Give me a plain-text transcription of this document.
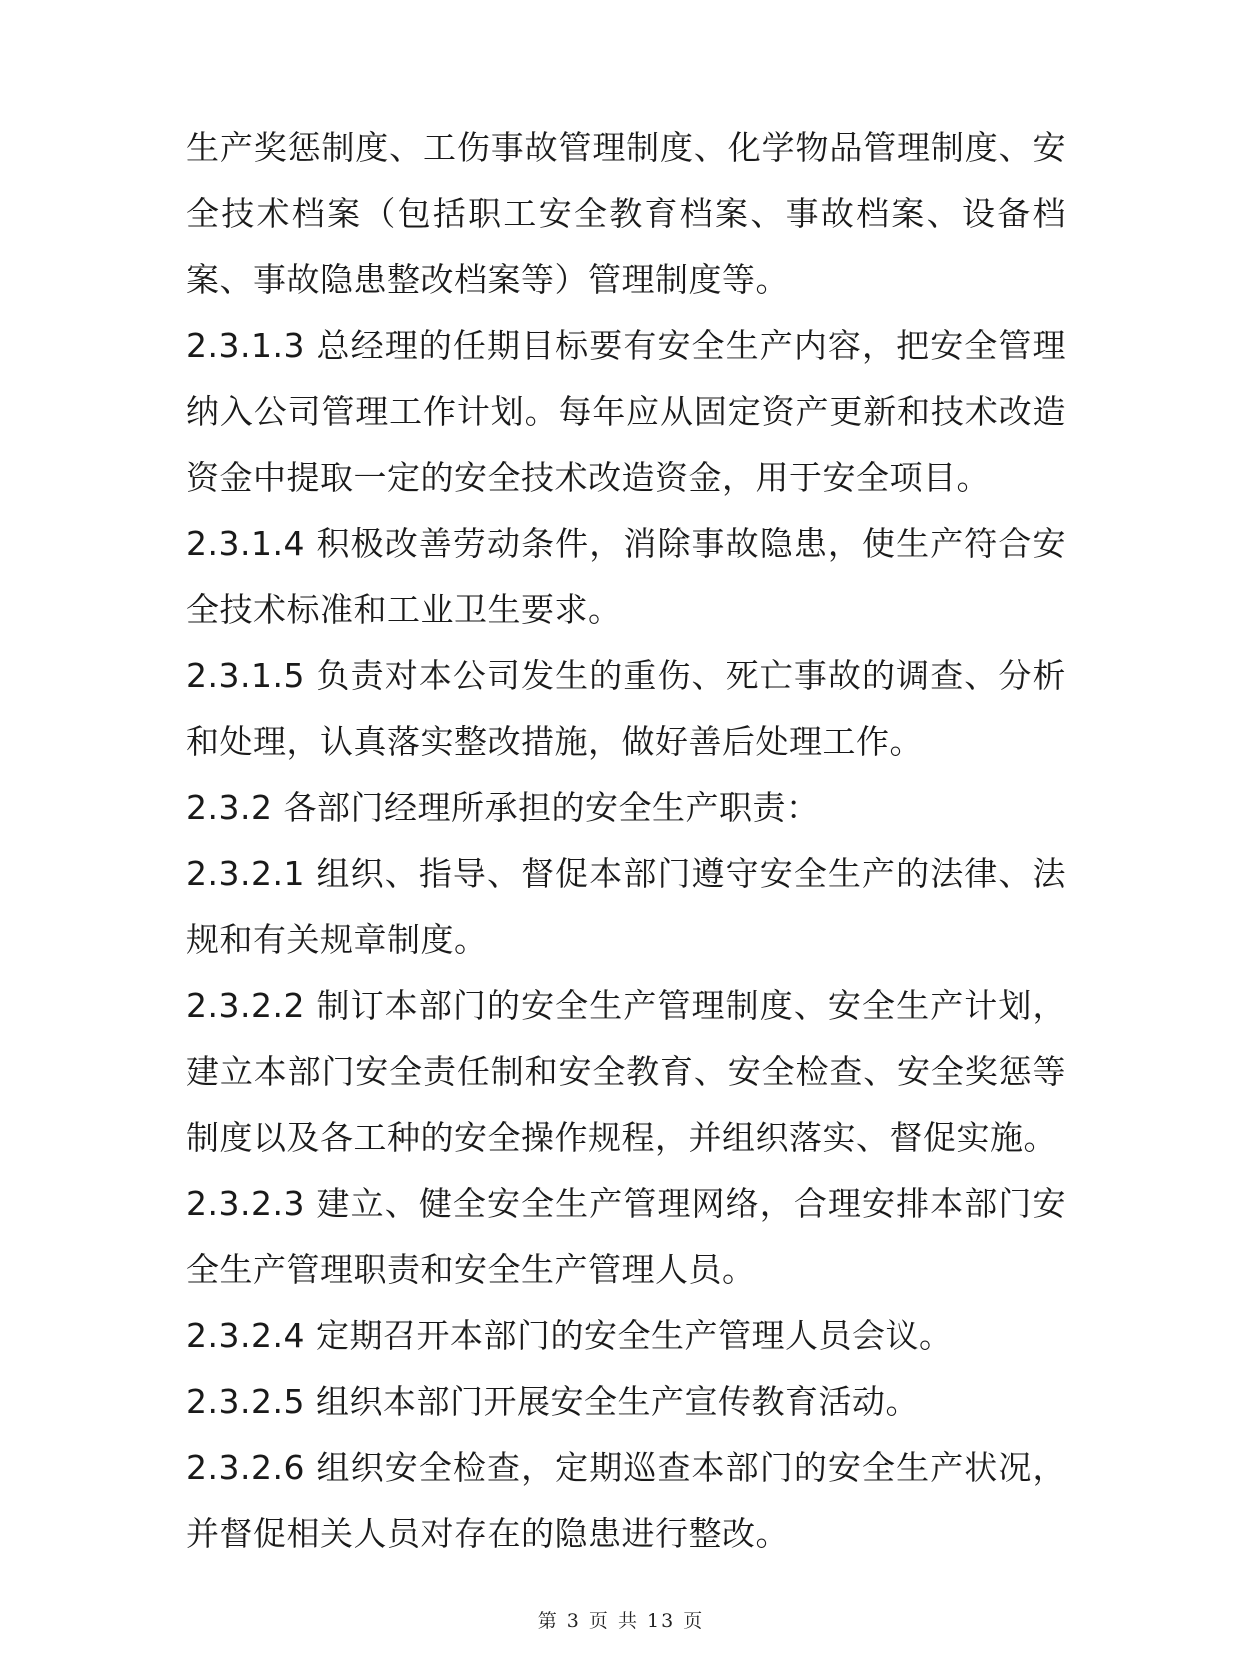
生产奖惩制度、工伤事故管理制度、化学物品管理制度、安全技术档案（包括职工安全教育档案、事故档案、设备档案、事故隐患整改档案等）管理制度等。

2.3.1.3 总经理的任期目标要有安全生产内容，把安全管理纳入公司管理工作计划。每年应从固定资产更新和技术改造资金中提取一定的安全技术改造资金，用于安全项目。

2.3.1.4 积极改善劳动条件，消除事故隐患，使生产符合安全技术标准和工业卫生要求。

2.3.1.5 负责对本公司发生的重伤、死亡事故的调查、分析和处理，认真落实整改措施，做好善后处理工作。

2.3.2 各部门经理所承担的安全生产职责：

2.3.2.1 组织、指导、督促本部门遵守安全生产的法律、法规和有关规章制度。

2.3.2.2 制订本部门的安全生产管理制度、安全生产计划，建立本部门安全责任制和安全教育、安全检查、安全奖惩等制度以及各工种的安全操作规程，并组织落实、督促实施。

2.3.2.3 建立、健全安全生产管理网络，合理安排本部门安全生产管理职责和安全生产管理人员。

2.3.2.4 定期召开本部门的安全生产管理人员会议。

2.3.2.5 组织本部门开展安全生产宣传教育活动。

2.3.2.6 组织安全检查，定期巡查本部门的安全生产状况，并督促相关人员对存在的隐患进行整改。

第 3 页 共 13 页
